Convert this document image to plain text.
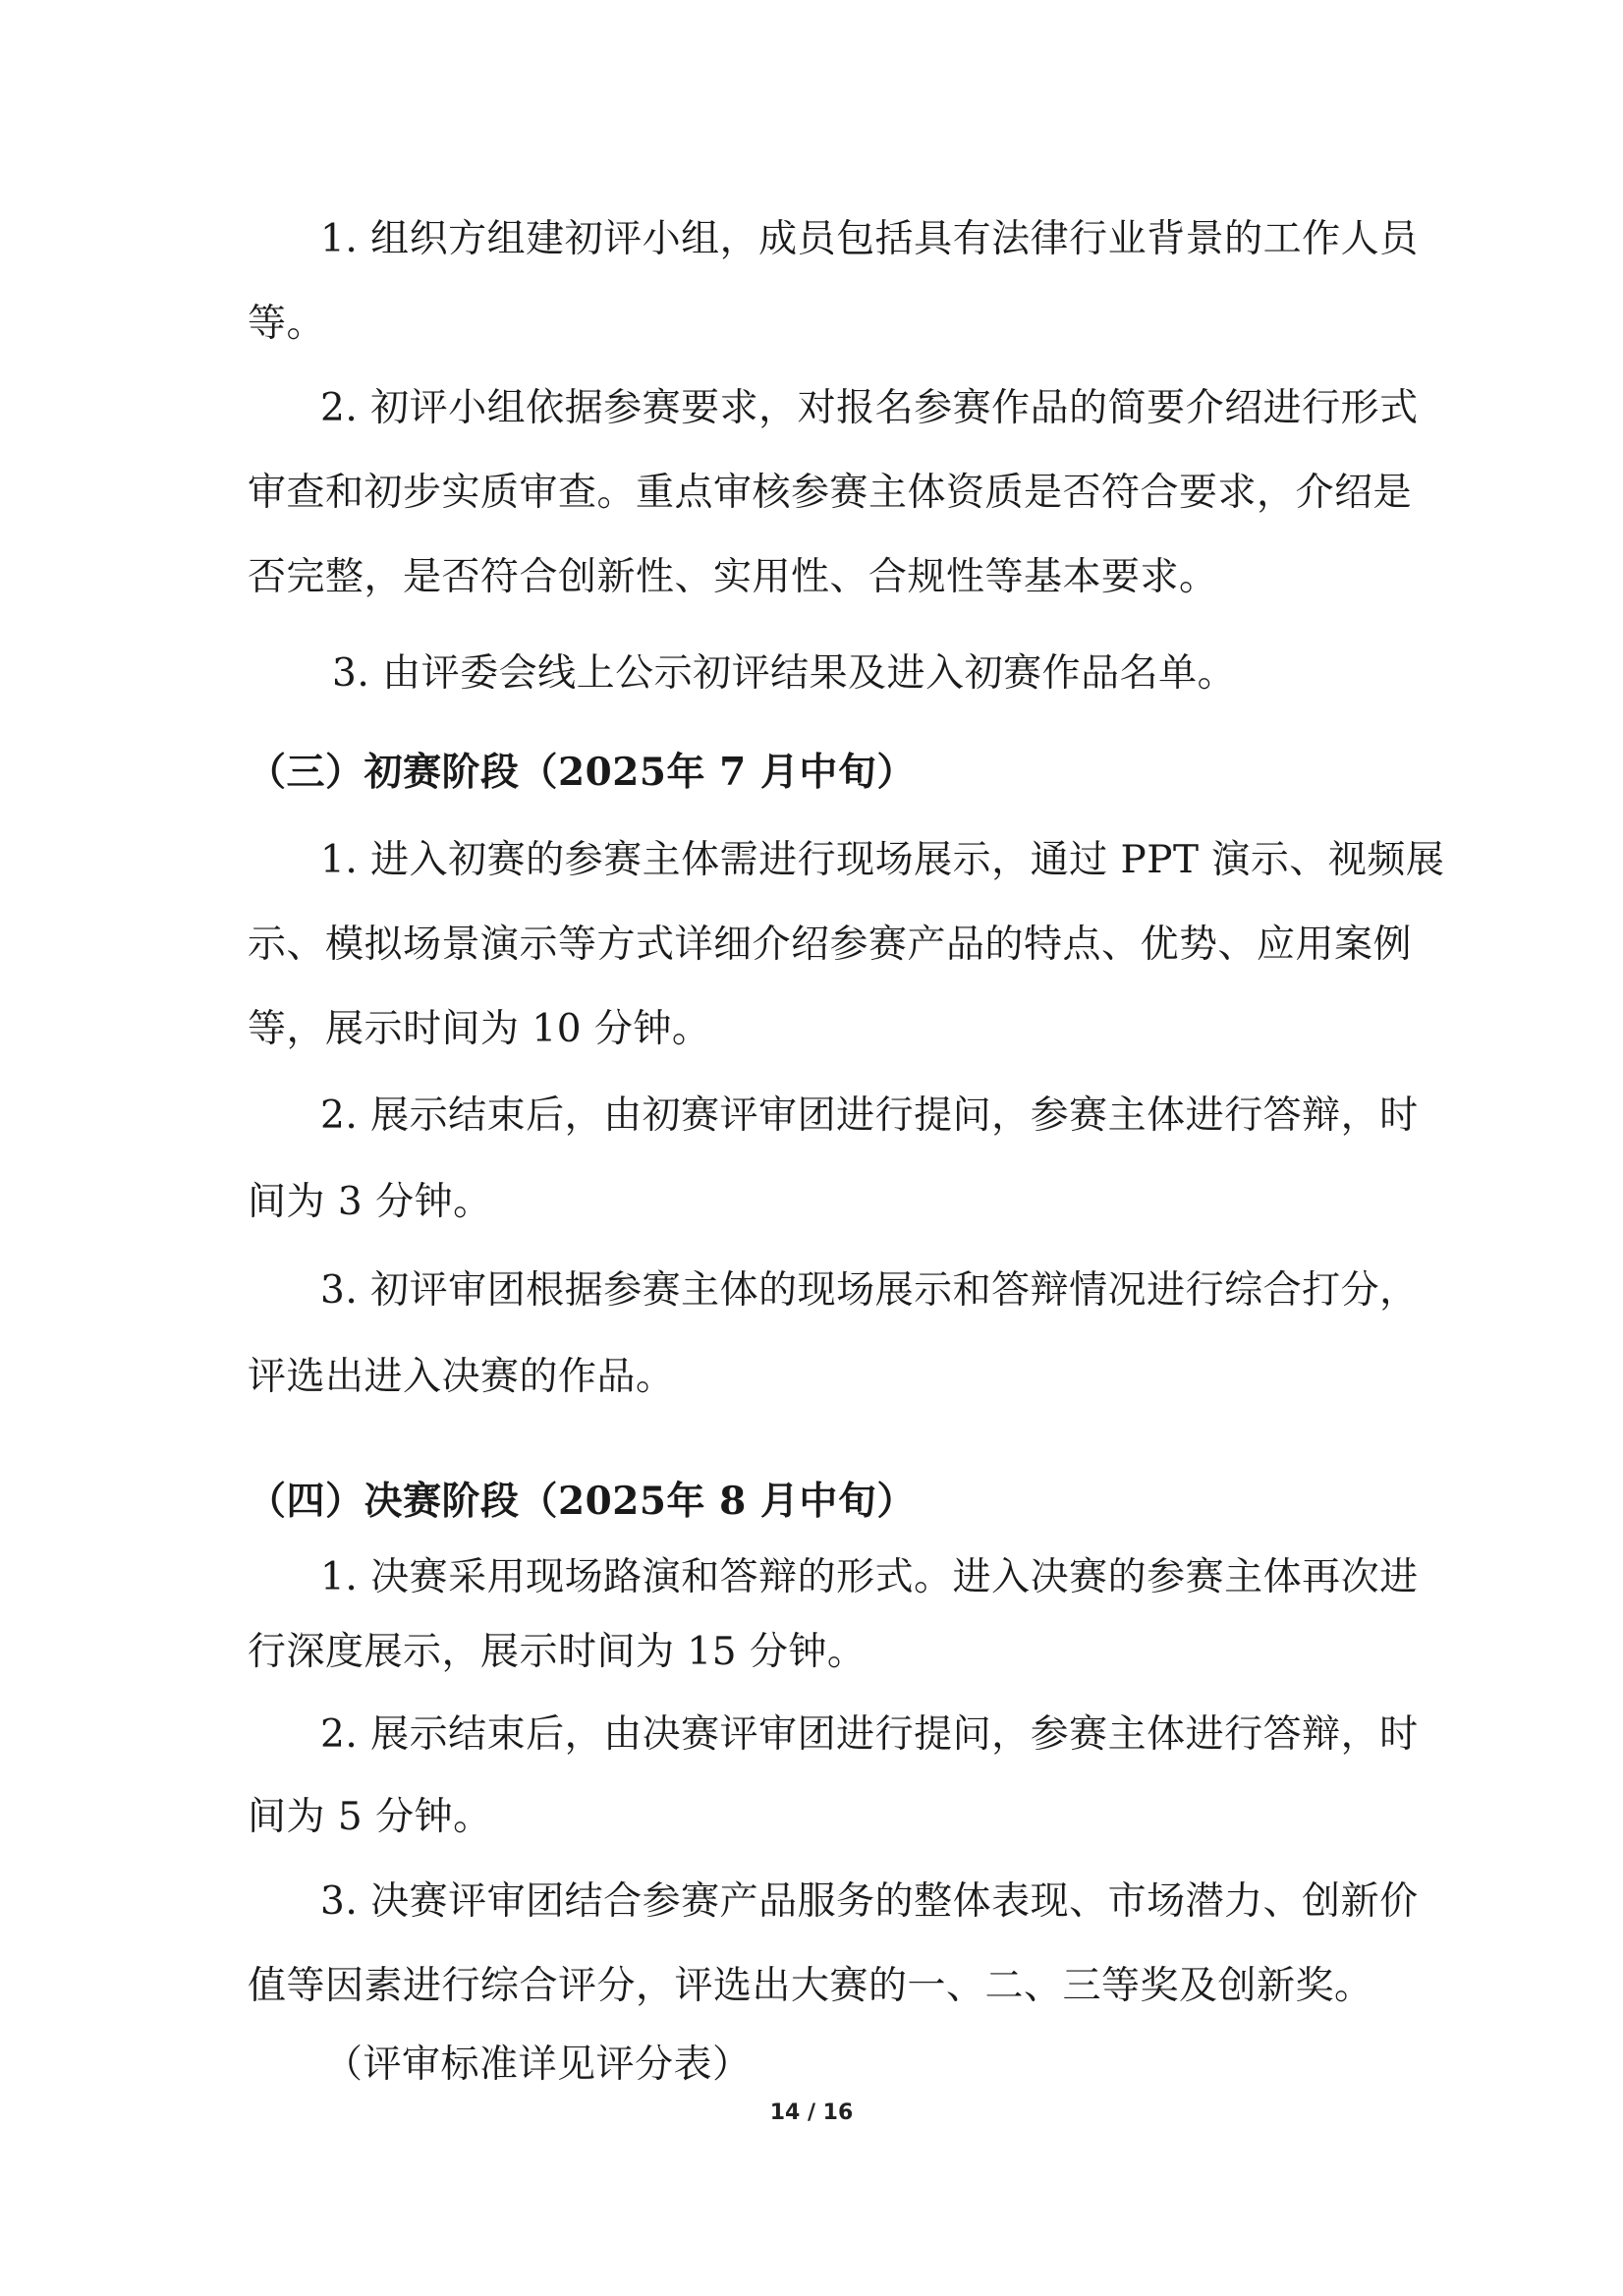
1. 组织方组建初评小组，成员包括具有法律行业背景的工作人员
等。
2. 初评小组依据参赛要求，对报名参赛作品的简要介绍进行形式
审查和初步实质审查。重点审核参赛主体资质是否符合要求，介绍是
否完整，是否符合创新性、实用性、合规性等基本要求。
3. 由评委会线上公示初评结果及进入初赛作品名单。
（三）初赛阶段（2025年 7 月中旬）
1. 进入初赛的参赛主体需进行现场展示，通过 PPT 演示、视频展
示、模拟场景演示等方式详细介绍参赛产品的特点、优势、应用案例
等，展示时间为 10 分钟。
2. 展示结束后，由初赛评审团进行提问，参赛主体进行答辩，时
间为 3 分钟。
3. 初评审团根据参赛主体的现场展示和答辩情况进行综合打分，
评选出进入决赛的作品。
（四）决赛阶段（2025年 8 月中旬）
1. 决赛采用现场路演和答辩的形式。进入决赛的参赛主体再次进
行深度展示，展示时间为 15 分钟。
2. 展示结束后，由决赛评审团进行提问，参赛主体进行答辩，时
间为 5 分钟。
3. 决赛评审团结合参赛产品服务的整体表现、市场潜力、创新价
值等因素进行综合评分，评选出大赛的一、二、三等奖及创新奖。
（评审标准详见评分表）
14 / 16
